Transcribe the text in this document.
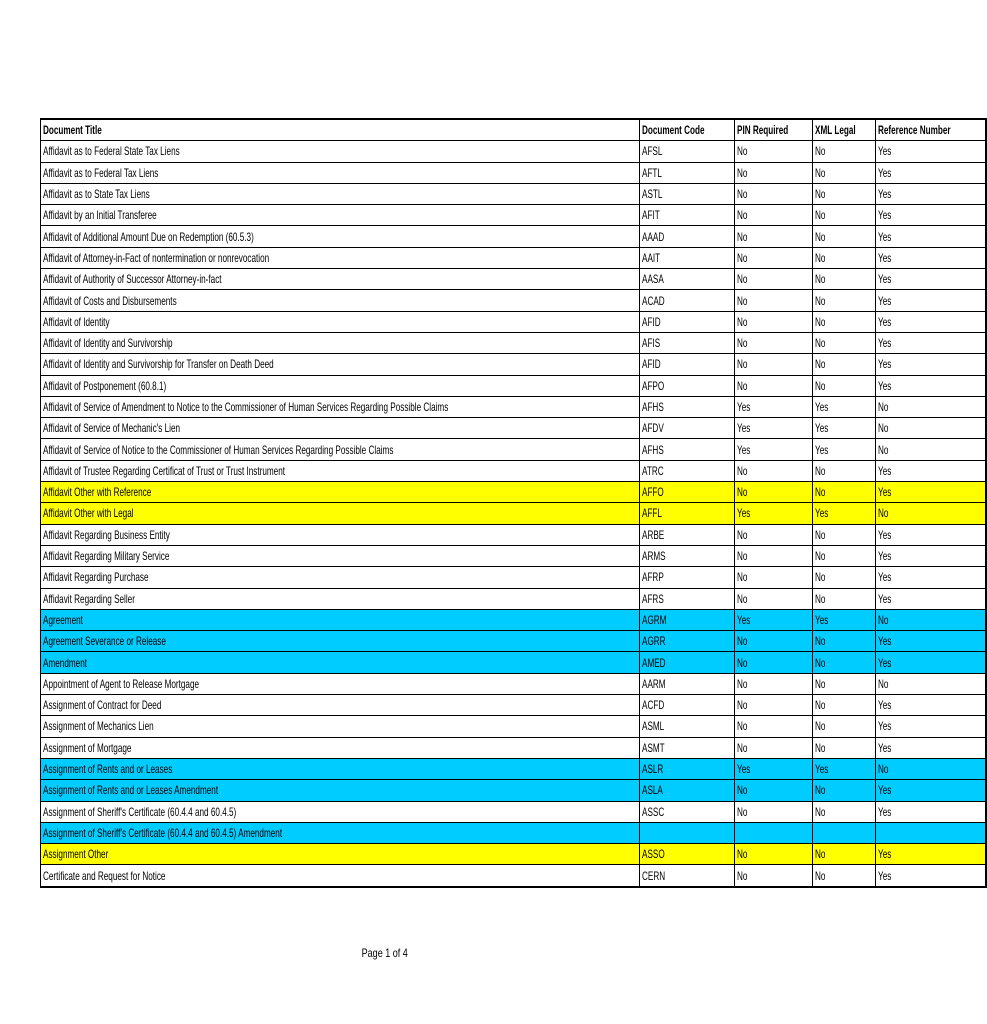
Document Title	Document Code	PIN Required	XML Legal	Reference Number
Affidavit as to Federal State Tax Liens	AFSL	No	No	Yes
Affidavit as to Federal Tax Liens	AFTL	No	No	Yes
Affidavit as to State Tax Liens	ASTL	No	No	Yes
Affidavit by an Initial Transferee	AFIT	No	No	Yes
Affidavit of Additional Amount Due on Redemption (60.5.3)	AAAD	No	No	Yes
Affidavit of Attorney-in-Fact of nontermination or nonrevocation	AAIT	No	No	Yes
Affidavit of Authority of Successor Attorney-in-fact	AASA	No	No	Yes
Affidavit of Costs and Disbursements	ACAD	No	No	Yes
Affidavit of Identity	AFID	No	No	Yes
Affidavit of Identity and Survivorship	AFIS	No	No	Yes
Affidavit of Identity and Survivorship for Transfer on Death Deed	AFID	No	No	Yes
Affidavit of Postponement (60.8.1)	AFPO	No	No	Yes
Affidavit of Service of Amendment to Notice to the Commissioner of Human Services Regarding Possible Claims	AFHS	Yes	Yes	No
Affidavit of Service of Mechanic's Lien	AFDV	Yes	Yes	No
Affidavit of Service of Notice to the Commissioner of Human Services Regarding Possible Claims	AFHS	Yes	Yes	No
Affidavit of Trustee Regarding Certificat of Trust or Trust Instrument	ATRC	No	No	Yes
Affidavit Other with Reference	AFFO	No	No	Yes
Affidavit Other with Legal	AFFL	Yes	Yes	No
Affidavit Regarding Business Entity	ARBE	No	No	Yes
Affidavit Regarding Military Service	ARMS	No	No	Yes
Affidavit Regarding Purchase	AFRP	No	No	Yes
Affidavit Regarding Seller	AFRS	No	No	Yes
Agreement	AGRM	Yes	Yes	No
Agreement Severance or Release	AGRR	No	No	Yes
Amendment	AMED	No	No	Yes
Appointment of Agent to Release Mortgage	AARM	No	No	No
Assignment of Contract for Deed	ACFD	No	No	Yes
Assignment of Mechanics Lien	ASML	No	No	Yes
Assignment of Mortgage	ASMT	No	No	Yes
Assignment of Rents and or Leases	ASLR	Yes	Yes	No
Assignment of Rents and or Leases Amendment	ASLA	No	No	Yes
Assignment of Sheriff's Certificate (60.4.4 and 60.4.5)	ASSC	No	No	Yes
Assignment of Sheriff's Certificate (60.4.4 and 60.4.5) Amendment				
Assignment Other	ASSO	No	No	Yes
Certificate and Request for Notice	CERN	No	No	Yes
Page 1 of 4
